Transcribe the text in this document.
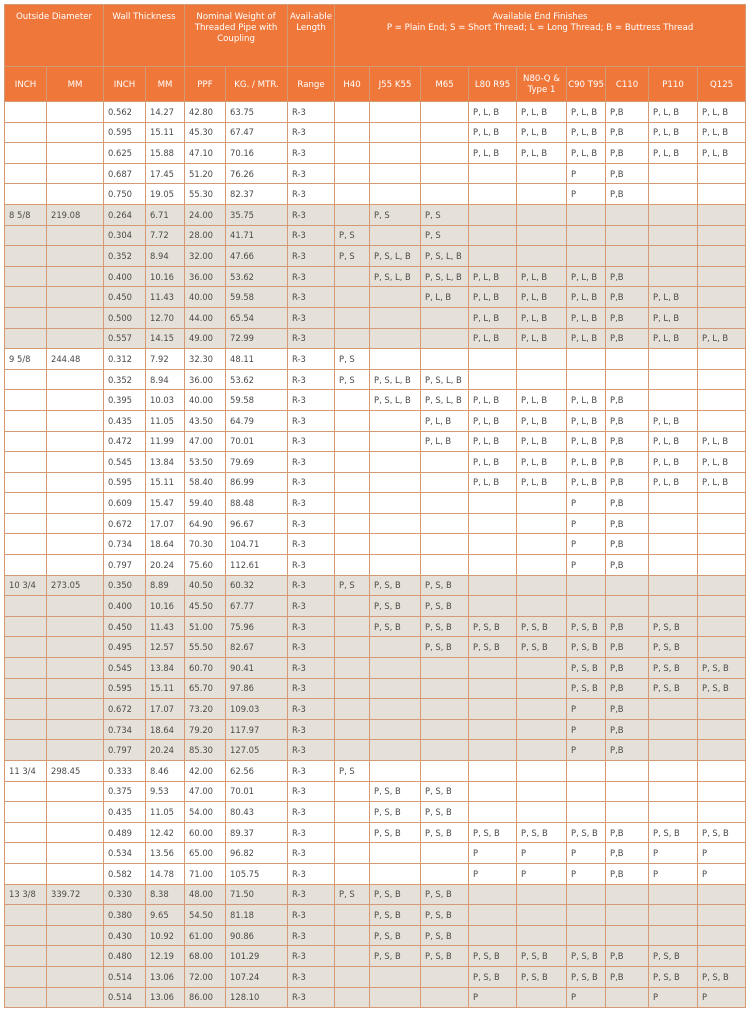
Outside Diameter		Wall Thickness		Nominal Weight of Threaded Pipe with Coupling		Avail-able Length	Available End Finishes
P = Plain End; S = Short Thread; L = Long Thread; B = Buttress Thread								

INCH	MM	INCH	MM	PPF	KG. / MTR.	Range	H40	J55 K55	M65	L80 R95	N80-Q & Type 1	C90 T95	C110	P110	Q125
		0.562	14.27	42.80	63.75	R-3				P, L, B	P, L, B	P, L, B	P,B	P, L, B	P, L, B
		0.595	15.11	45.30	67.47	R-3				P, L, B	P, L, B	P, L, B	P,B	P, L, B	P, L, B
		0.625	15.88	47.10	70.16	R-3				P, L, B	P, L, B	P, L, B	P,B	P, L, B	P, L, B
		0.687	17.45	51.20	76.26	R-3						P	P,B		
		0.750	19.05	55.30	82.37	R-3						P	P,B		
8 5/8	219.08	0.264	6.71	24.00	35.75	R-3		P, S	P, S						
		0.304	7.72	28.00	41.71	R-3	P, S		P, S						
		0.352	8.94	32.00	47.66	R-3	P, S	P, S, L, B	P, S, L, B						
		0.400	10.16	36.00	53.62	R-3		P, S, L, B	P, S, L, B	P, L, B	P, L, B	P, L, B	P,B		
		0.450	11.43	40.00	59.58	R-3			P, L, B	P, L, B	P, L, B	P, L, B	P,B	P, L, B	
		0.500	12.70	44.00	65.54	R-3				P, L, B	P, L, B	P, L, B	P,B	P, L, B	
		0.557	14.15	49.00	72.99	R-3				P, L, B	P, L, B	P, L, B	P,B	P, L, B	P, L, B
9 5/8	244.48	0.312	7.92	32.30	48.11	R-3	P, S								
		0.352	8.94	36.00	53.62	R-3	P, S	P, S, L, B	P, S, L, B						
		0.395	10.03	40.00	59.58	R-3		P, S, L, B	P, S, L, B	P, L, B	P, L, B	P, L, B	P,B		
		0.435	11.05	43.50	64.79	R-3			P, L, B	P, L, B	P, L, B	P, L, B	P,B	P, L, B	
		0.472	11.99	47.00	70.01	R-3			P, L, B	P, L, B	P, L, B	P, L, B	P,B	P, L, B	P, L, B
		0.545	13.84	53.50	79.69	R-3				P, L, B	P, L, B	P, L, B	P,B	P, L, B	P, L, B
		0.595	15.11	58.40	86.99	R-3				P, L, B	P, L, B	P, L, B	P,B	P, L, B	P, L, B
		0.609	15.47	59.40	88.48	R-3						P	P,B		
		0.672	17.07	64.90	96.67	R-3						P	P,B		
		0.734	18.64	70.30	104.71	R-3						P	P,B		
		0.797	20.24	75.60	112.61	R-3						P	P,B		
10 3/4	273.05	0.350	8.89	40.50	60.32	R-3	P, S	P, S, B	P, S, B						
		0.400	10.16	45.50	67.77	R-3		P, S, B	P, S, B						
		0.450	11.43	51.00	75.96	R-3		P, S, B	P, S, B	P, S, B	P, S, B	P, S, B	P,B	P, S, B	
		0.495	12.57	55.50	82.67	R-3			P, S, B	P, S, B	P, S, B	P, S, B	P,B	P, S, B	
		0.545	13.84	60.70	90.41	R-3						P, S, B	P,B	P, S, B	P, S, B
		0.595	15.11	65.70	97.86	R-3						P, S, B	P,B	P, S, B	P, S, B
		0.672	17.07	73.20	109.03	R-3						P	P,B		
		0.734	18.64	79.20	117.97	R-3						P	P,B		
		0.797	20.24	85.30	127.05	R-3						P	P,B		
11 3/4	298.45	0.333	8.46	42.00	62.56	R-3	P, S								
		0.375	9.53	47.00	70.01	R-3		P, S, B	P, S, B						
		0.435	11.05	54.00	80.43	R-3		P, S, B	P, S, B						
		0.489	12.42	60.00	89.37	R-3		P, S, B	P, S, B	P, S, B	P, S, B	P, S, B	P,B	P, S, B	P, S, B
		0.534	13.56	65.00	96.82	R-3				P	P	P	P,B	P	P
		0.582	14.78	71.00	105.75	R-3				P	P	P	P,B	P	P
13 3/8	339.72	0.330	8.38	48.00	71.50	R-3	P, S	P, S, B	P, S, B						
		0.380	9.65	54.50	81.18	R-3		P, S, B	P, S, B						
		0.430	10.92	61.00	90.86	R-3		P, S, B	P, S, B						
		0.480	12.19	68.00	101.29	R-3		P, S, B	P, S, B	P, S, B	P, S, B	P, S, B	P,B	P, S, B	
		0.514	13.06	72.00	107.24	R-3				P, S, B	P, S, B	P, S, B	P,B	P, S, B	P, S, B
		0.514	13.06	86.00	128.10	R-3				P		P		P	P
